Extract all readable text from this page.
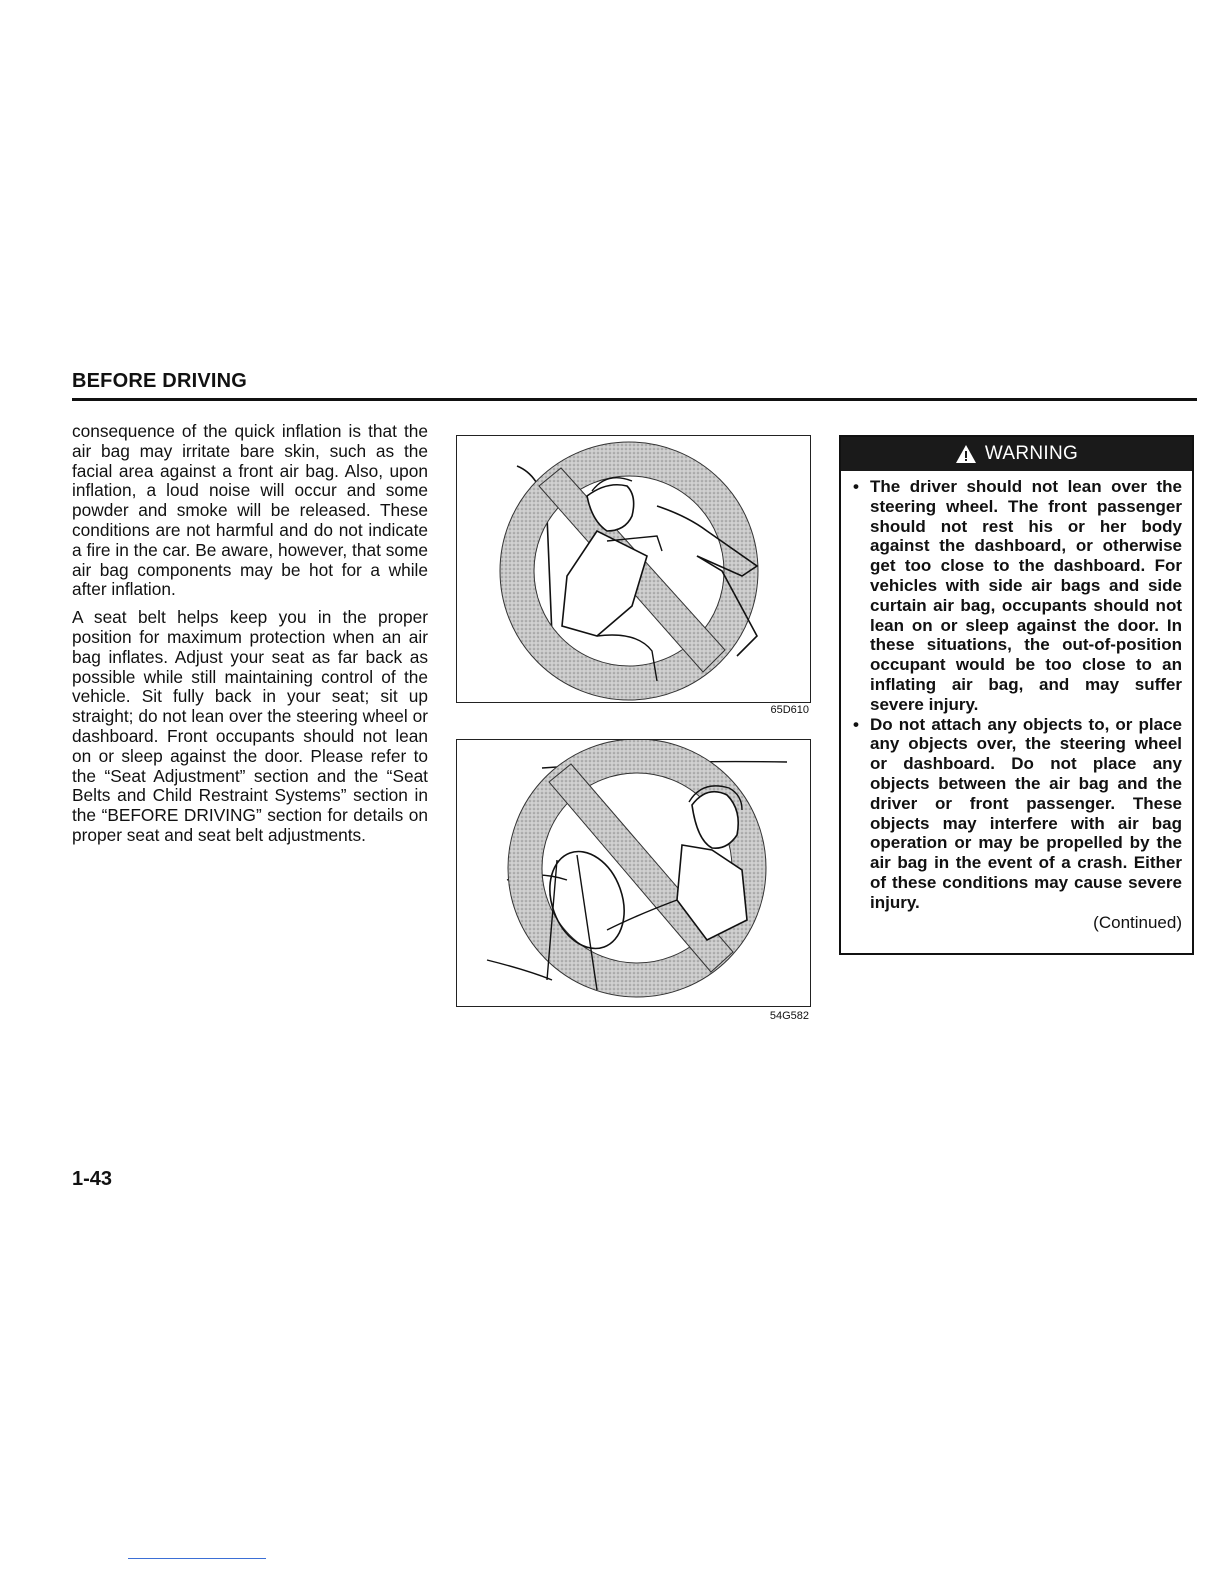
BEFORE DRIVING

consequence of the quick inflation is that the air bag may irritate bare skin, such as the facial area against a front air bag. Also, upon inflation, a loud noise will occur and some powder and smoke will be released. These conditions are not harmful and do not indicate a fire in the car. Be aware, however, that some air bag components may be hot for a while after inflation.

A seat belt helps keep you in the proper position for maximum protection when an air bag inflates. Adjust your seat as far back as possible while still maintaining control of the vehicle. Sit fully back in your seat; sit up straight; do not lean over the steering wheel or dashboard. Front occupants should not lean on or sleep against the door. Please refer to the “Seat Adjustment” section and the “Seat Belts and Child Restraint Systems” section in the “BEFORE DRIVING” section for details on proper seat and seat belt adjustments.

65D610
54G582
WARNING
• The driver should not lean over the steering wheel. The front passenger should not rest his or her body against the dashboard, or otherwise get too close to the dashboard. For vehicles with side air bags and side curtain air bag, occupants should not lean on or sleep against the door. In these situations, the out-of-position occupant would be too close to an inflating air bag, and may suffer severe injury.
• Do not attach any objects to, or place any objects over, the steering wheel or dashboard. Do not place any objects between the air bag and the driver or front passenger. These objects may interfere with air bag operation or may be propelled by the air bag in the event of a crash. Either of these conditions may cause severe injury.
(Continued)
1-43
